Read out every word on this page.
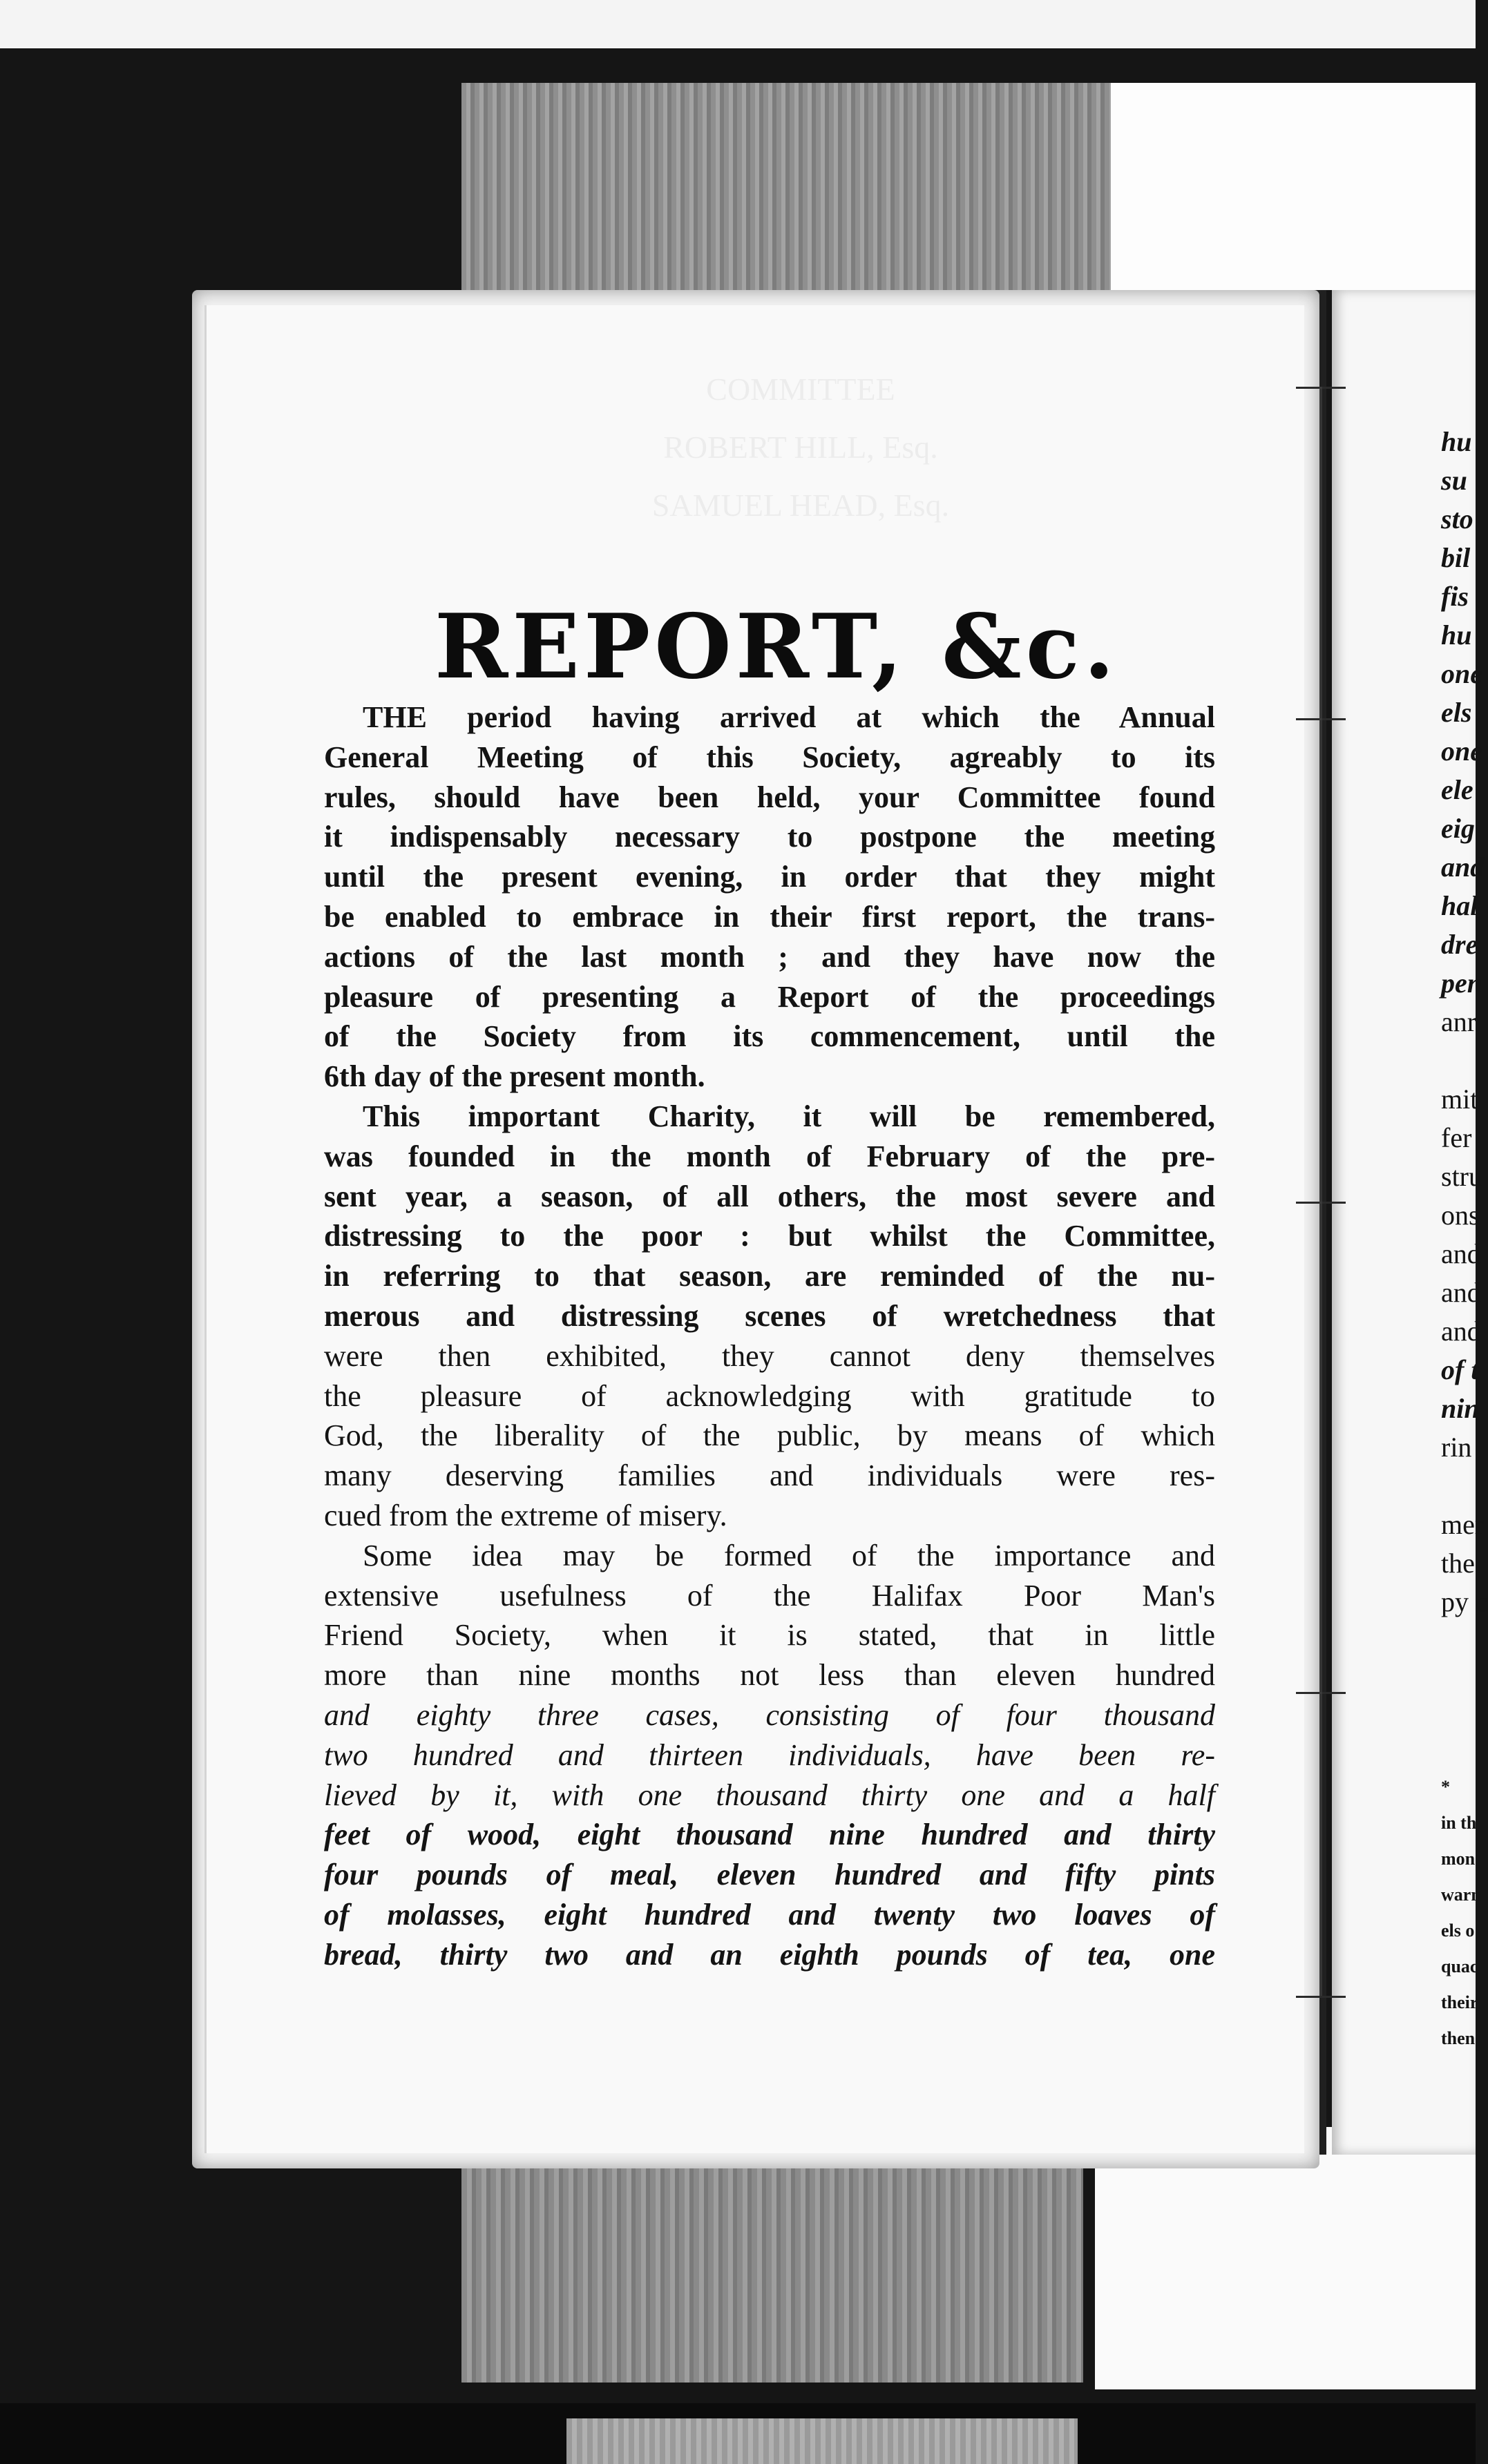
COMMITTEE
ROBERT HILL, Esq.
SAMUEL HEAD, Esq.
REPORT, &c.
THE period having arrived at which the Annual
General Meeting of this Society, agreably to its
rules, should have been held, your Committee found
it indispensably necessary to postpone the meeting
until the present evening, in order that they might
be enabled to embrace in their first report, the trans-
actions of the last month ; and they have now the
pleasure of presenting a Report of the proceedings
of the Society from its commencement, until the
6th day of the present month.
This important Charity, it will be remembered,
was founded in the month of February of the pre-
sent year, a season, of all others, the most severe and
distressing to the poor : but whilst the Committee,
in referring to that season, are reminded of the nu-
merous and distressing scenes of wretchedness that
were then exhibited, they cannot deny themselves
the pleasure of acknowledging with gratitude to
God, the liberality of the public, by means of which
many deserving families and individuals were res-
cued from the extreme of misery.
Some idea may be formed of the importance and
extensive usefulness of the Halifax Poor Man's
Friend Society, when it is stated, that in little
more than nine months not less than eleven hundred
and eighty three cases, consisting of four thousand
two hundred and thirteen individuals, have been re-
lieved by it, with one thousand thirty one and a half
feet of wood, eight thousand nine hundred and thirty
four pounds of meal, eleven hundred and fifty pints
of molasses, eight hundred and twenty two loaves of
bread, thirty two and an eighth pounds of tea, one
hu
su
sto
bil
fis
hu
one
els
one
ele
eig
and
hal
dre
pen
anr
mit
fer
stru
ons
and
and
and
of t
nin
rin
mer
the
py c
*
in th
mon
warn
els o
quac
their
then
